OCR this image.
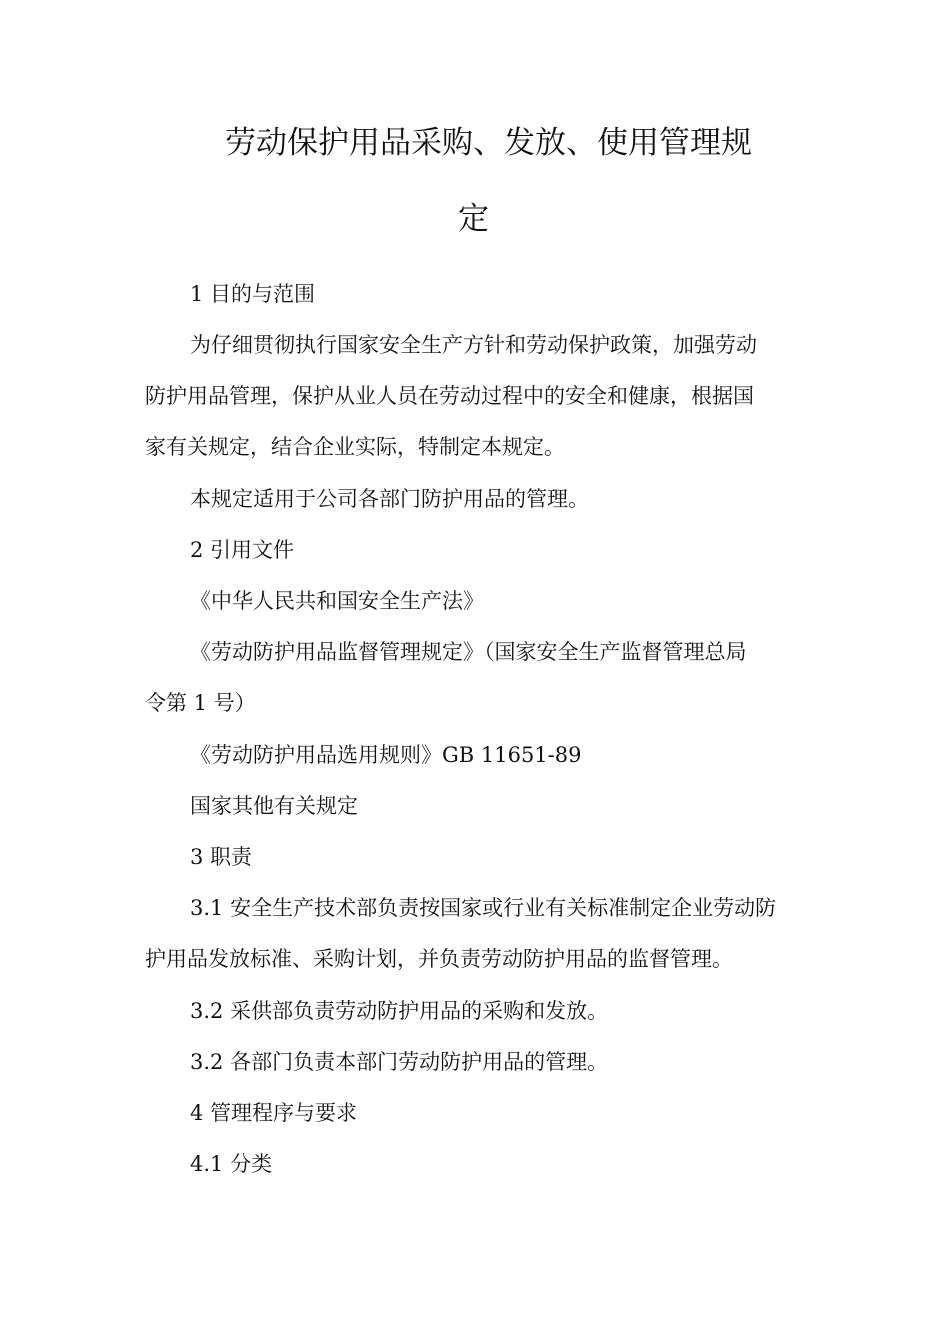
劳动保护用品采购、发放、使用管理规
定
1 目的与范围
为仔细贯彻执行国家安全生产方针和劳动保护政策，加强劳动
防护用品管理，保护从业人员在劳动过程中的安全和健康，根据国
家有关规定，结合企业实际，特制定本规定。
本规定适用于公司各部门防护用品的管理。
2 引用文件
《中华人民共和国安全生产法》
《劳动防护用品监督管理规定》（国家安全生产监督管理总局
令第 1 号）
《劳动防护用品选用规则》GB 11651-89
国家其他有关规定
3 职责
3.1 安全生产技术部负责按国家或行业有关标准制定企业劳动防
护用品发放标准、采购计划，并负责劳动防护用品的监督管理。
3.2 采供部负责劳动防护用品的采购和发放。
3.2 各部门负责本部门劳动防护用品的管理。
4 管理程序与要求
4.1 分类
